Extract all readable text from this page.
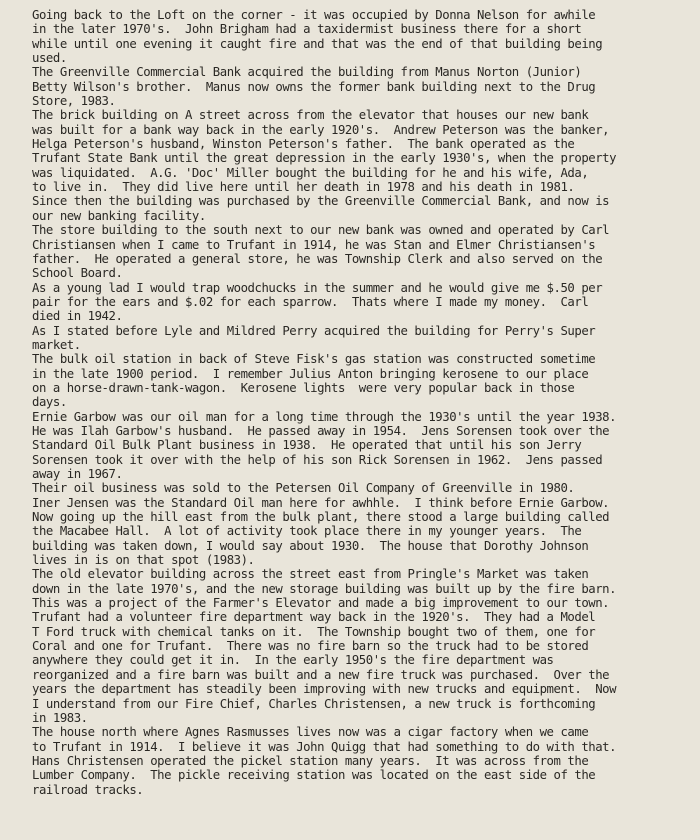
Going back to the Loft on the corner - it was occupied by Donna Nelson for awhile
in the later 1970's.  John Brigham had a taxidermist business there for a short
while until one evening it caught fire and that was the end of that building being
used.
The Greenville Commercial Bank acquired the building from Manus Norton (Junior)
Betty Wilson's brother.  Manus now owns the former bank building next to the Drug
Store, 1983.
The brick building on A street across from the elevator that houses our new bank
was built for a bank way back in the early 1920's.  Andrew Peterson was the banker,
Helga Peterson's husband, Winston Peterson's father.  The bank operated as the
Trufant State Bank until the great depression in the early 1930's, when the property
was liquidated.  A.G. 'Doc' Miller bought the building for he and his wife, Ada,
to live in.  They did live here until her death in 1978 and his death in 1981.
Since then the building was purchased by the Greenville Commercial Bank, and now is
our new banking facility.
The store building to the south next to our new bank was owned and operated by Carl
Christiansen when I came to Trufant in 1914, he was Stan and Elmer Christiansen's
father.  He operated a general store, he was Township Clerk and also served on the
School Board.
As a young lad I would trap woodchucks in the summer and he would give me $.50 per
pair for the ears and $.02 for each sparrow.  Thats where I made my money.  Carl
died in 1942.
As I stated before Lyle and Mildred Perry acquired the building for Perry's Super
market.
The bulk oil station in back of Steve Fisk's gas station was constructed sometime
in the late 1900 period.  I remember Julius Anton bringing kerosene to our place
on a horse-drawn-tank-wagon.  Kerosene lights  were very popular back in those
days.
Ernie Garbow was our oil man for a long time through the 1930's until the year 1938.
He was Ilah Garbow's husband.  He passed away in 1954.  Jens Sorensen took over the
Standard Oil Bulk Plant business in 1938.  He operated that until his son Jerry
Sorensen took it over with the help of his son Rick Sorensen in 1962.  Jens passed
away in 1967.
Their oil business was sold to the Petersen Oil Company of Greenville in 1980.
Iner Jensen was the Standard Oil man here for awhhle.  I think before Ernie Garbow.
Now going up the hill east from the bulk plant, there stood a large building called
the Macabee Hall.  A lot of activity took place there in my younger years.  The
building was taken down, I would say about 1930.  The house that Dorothy Johnson
lives in is on that spot (1983).
The old elevator building across the street east from Pringle's Market was taken
down in the late 1970's, and the new storage building was built up by the fire barn.
This was a project of the Farmer's Elevator and made a big improvement to our town.
Trufant had a volunteer fire department way back in the 1920's.  They had a Model
T Ford truck with chemical tanks on it.  The Township bought two of them, one for
Coral and one for Trufant.  There was no fire barn so the truck had to be stored
anywhere they could get it in.  In the early 1950's the fire department was
reorganized and a fire barn was built and a new fire truck was purchased.  Over the
years the department has steadily been improving with new trucks and equipment.  Now
I understand from our Fire Chief, Charles Christensen, a new truck is forthcoming
in 1983.
The house north where Agnes Rasmusses lives now was a cigar factory when we came
to Trufant in 1914.  I believe it was John Quigg that had something to do with that.
Hans Christensen operated the pickel station many years.  It was across from the
Lumber Company.  The pickle receiving station was located on the east side of the
railroad tracks.
